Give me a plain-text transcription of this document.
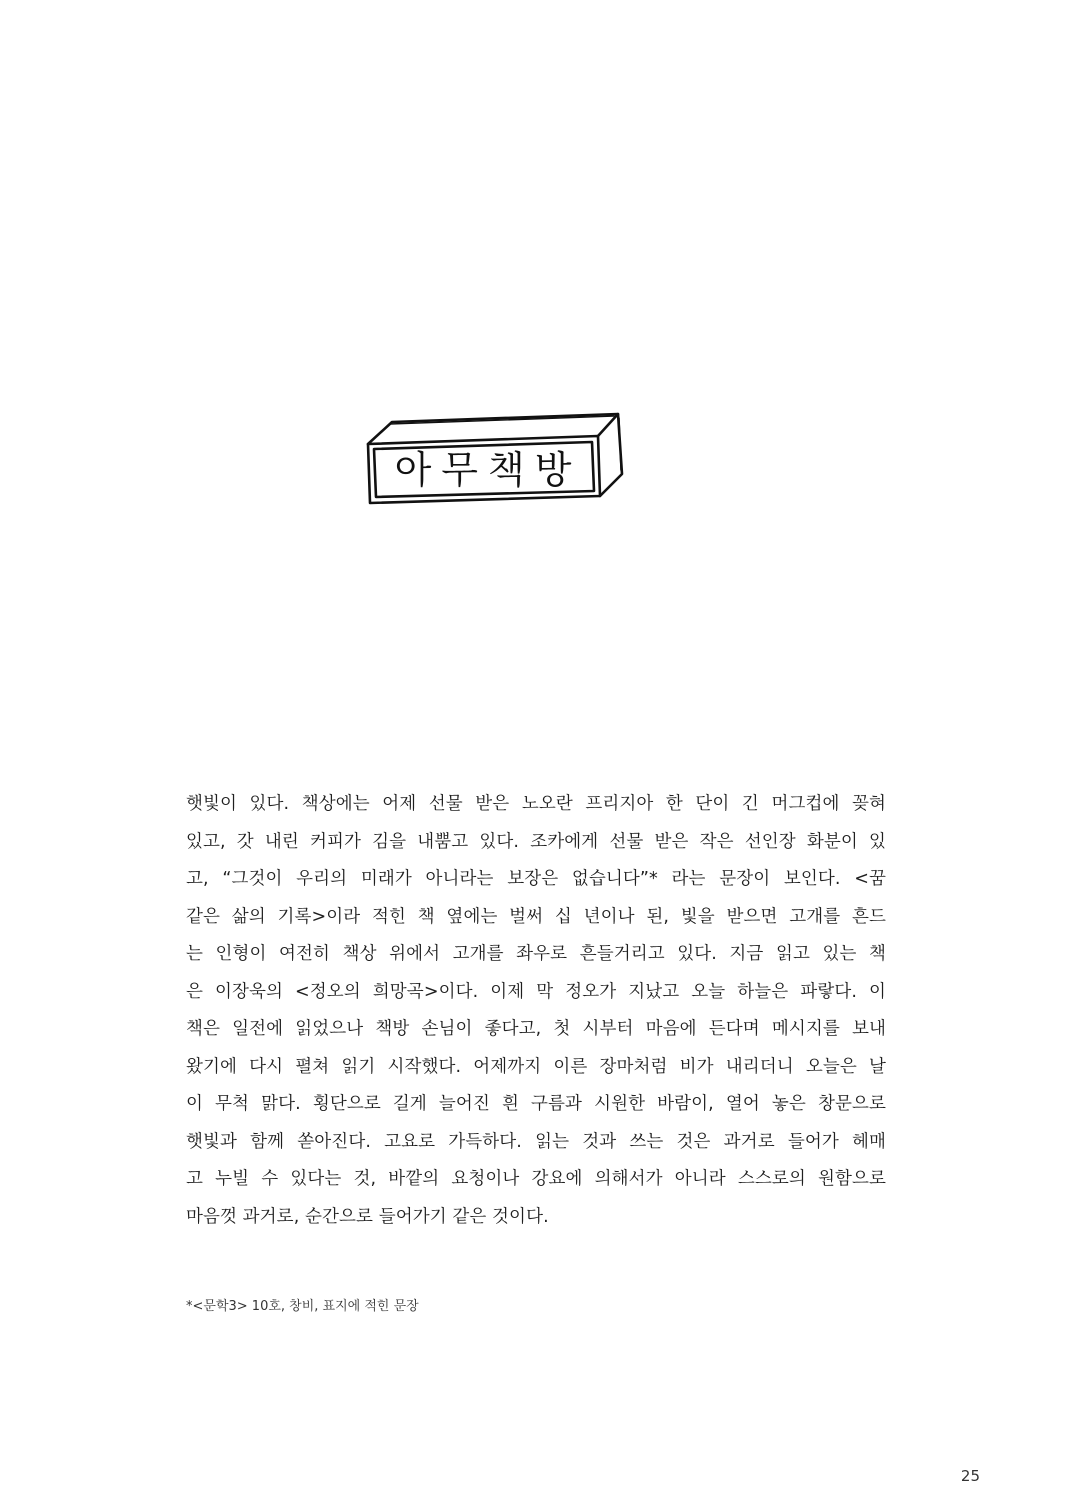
아무책방
햇빛이 있다. 책상에는 어제 선물 받은 노오란 프리지아 한 단이 긴 머그컵에 꽂혀
있고, 갓 내린 커피가 김을 내뿜고 있다. 조카에게 선물 받은 작은 선인장 화분이 있
고, “그것이 우리의 미래가 아니라는 보장은 없습니다”* 라는 문장이 보인다. <꿈
같은 삶의 기록>이라 적힌 책 옆에는 벌써 십 년이나 된, 빛을 받으면 고개를 흔드
는 인형이 여전히 책상 위에서 고개를 좌우로 흔들거리고 있다. 지금 읽고 있는 책
은 이장욱의 <정오의 희망곡>이다. 이제 막 정오가 지났고 오늘 하늘은 파랗다. 이
책은 일전에 읽었으나 책방 손님이 좋다고, 첫 시부터 마음에 든다며 메시지를 보내
왔기에 다시 펼쳐 읽기 시작했다. 어제까지 이른 장마처럼 비가 내리더니 오늘은 날
이 무척 맑다. 횡단으로 길게 늘어진 흰 구름과 시원한 바람이, 열어 놓은 창문으로
햇빛과 함께 쏟아진다. 고요로 가득하다. 읽는 것과 쓰는 것은 과거로 들어가 헤매
고 누빌 수 있다는 것, 바깥의 요청이나 강요에 의해서가 아니라 스스로의 원함으로
마음껏 과거로, 순간으로 들어가기 같은 것이다.
*<문학3> 10호, 창비, 표지에 적힌 문장
25
